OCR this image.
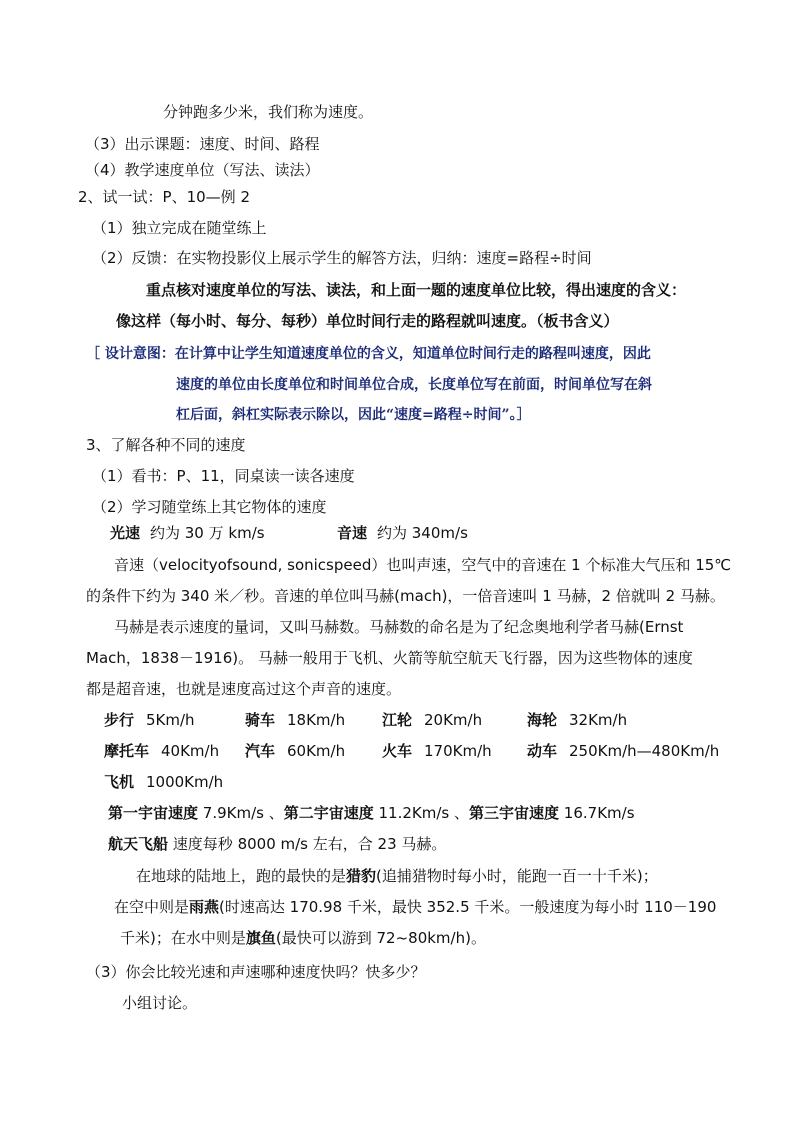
分钟跑多少米，我们称为速度。
（3）出示课题：速度、时间、路程
（4）教学速度单位（写法、读法）
2、试一试：P、10—例 2
（1）独立完成在随堂练上
（2）反馈：在实物投影仪上展示学生的解答方法，归纳：速度=路程÷时间
重点核对速度单位的写法、读法，和上面一题的速度单位比较，得出速度的含义：
像这样（每小时、每分、每秒）单位时间行走的路程就叫速度。（板书含义）
［ 设计意图：在计算中让学生知道速度单位的含义，知道单位时间行走的路程叫速度，因此
速度的单位由长度单位和时间单位合成，长度单位写在前面，时间单位写在斜
杠后面，斜杠实际表示除以，因此“速度=路程÷时间”。］
3、了解各种不同的速度
（1）看书：P、11，同桌读一读各速度
（2）学习随堂练上其它物体的速度
光速 约为 30 万 km/s	音速 约为 340m/s
音速（velocityofsound, sonicspeed）也叫声速，空气中的音速在 1 个标准大气压和 15℃
的条件下约为 340 米／秒。音速的单位叫马赫(mach)，一倍音速叫 1 马赫，2 倍就叫 2 马赫。
马赫是表示速度的量词，又叫马赫数。马赫数的命名是为了纪念奥地利学者马赫(Ernst
Mach，1838－1916)。 马赫一般用于飞机、火箭等航空航天飞行器，因为这些物体的速度
都是超音速，也就是速度高过这个声音的速度。
步行 5Km/h	骑车 18Km/h 江轮 20Km/h	海轮 32Km/h
摩托车 40Km/h 汽车 60Km/h 火车 170Km/h 动车 250Km/h—480Km/h
飞机 1000Km/h
第一宇宙速度 7.9Km/s 、第二宇宙速度 11.2Km/s 、第三宇宙速度 16.7Km/s
航天飞船 速度每秒 8000 m/s 左右，合 23 马赫。
在地球的陆地上，跑的最快的是猎豹(追捕猎物时每小时，能跑一百一十千米)；
在空中则是雨燕(时速高达 170.98 千米，最快 352.5 千米。一般速度为每小时 110－190
千米)；在水中则是旗鱼(最快可以游到 72~80km/h)。
（3）你会比较光速和声速哪种速度快吗？快多少？
小组讨论。
